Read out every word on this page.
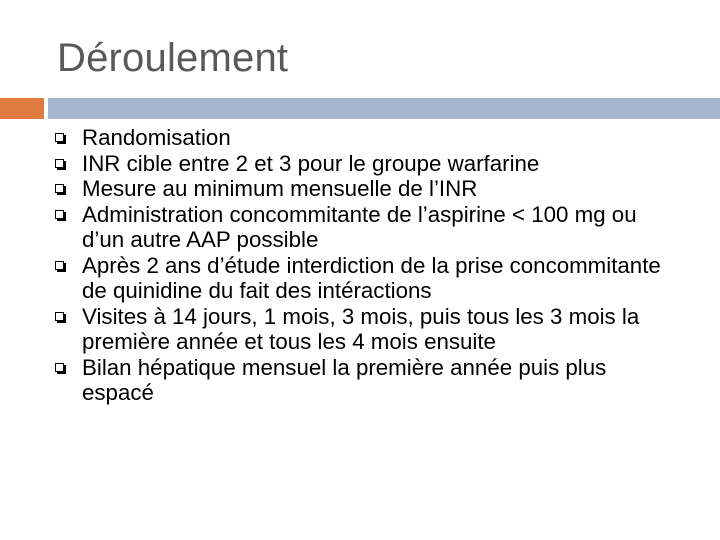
Déroulement
Randomisation
INR cible entre 2 et 3 pour le groupe warfarine
Mesure au minimum mensuelle de l’INR
Administration concommitante de l’aspirine < 100 mg ou d’un autre AAP possible
Après 2 ans d’étude interdiction de la prise concommitante de quinidine du fait des intéractions
Visites à 14 jours, 1 mois, 3 mois, puis tous les 3 mois la première année et tous les 4 mois ensuite
Bilan hépatique mensuel la première année puis plus espacé
